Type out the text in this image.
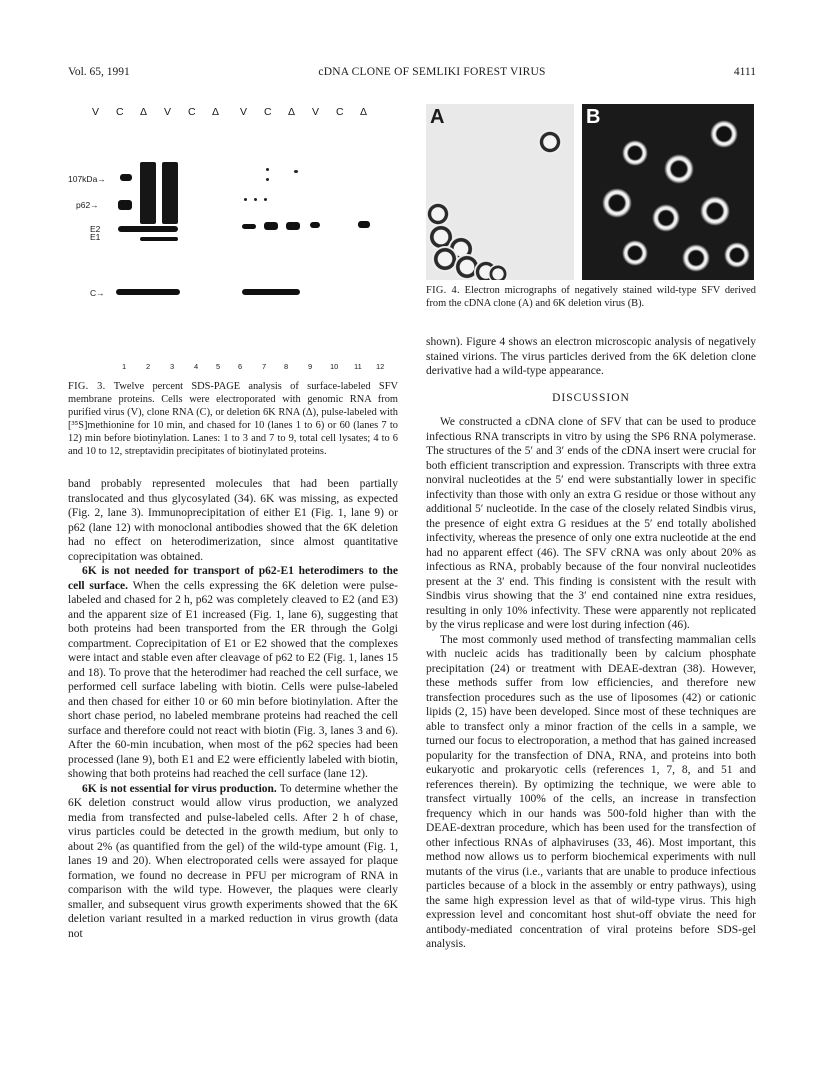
Vol. 65, 1991	cDNA CLONE OF SEMLIKI FOREST VIRUS	4111
V C Δ V C Δ V C Δ V C Δ
107kDa→
p62→
E2
E1
C→
1	2	3	4 5 6	7 8	9 10 11 12
FIG. 3. Twelve percent SDS-PAGE analysis of surface-labeled SFV membrane proteins. Cells were electroporated with genomic RNA from purified virus (V), clone RNA (C), or deletion 6K RNA (Δ), pulse-labeled with [³⁵S]methionine for 10 min, and chased for 10 (lanes 1 to 6) or 60 (lanes 7 to 12) min before biotinylation. Lanes: 1 to 3 and 7 to 9, total cell lysates; 4 to 6 and 10 to 12, streptavidin precipitates of biotinylated proteins.
A	B
FIG. 4. Electron micrographs of negatively stained wild-type SFV derived from the cDNA clone (A) and 6K deletion virus (B).

band probably represented molecules that had been partially translocated and thus glycosylated (34). 6K was missing, as expected (Fig. 2, lane 3). Immunoprecipitation of either E1 (Fig. 1, lane 9) or p62 (lane 12) with monoclonal antibodies showed that the 6K deletion had no effect on heterodimerization, since almost quantitative coprecipitation was obtained.

6K is not needed for transport of p62-E1 heterodimers to the cell surface. When the cells expressing the 6K deletion were pulse-labeled and chased for 2 h, p62 was completely cleaved to E2 (and E3) and the apparent size of E1 increased (Fig. 1, lane 6), suggesting that both proteins had been transported from the ER through the Golgi compartment. Coprecipitation of E1 or E2 showed that the complexes were intact and stable even after cleavage of p62 to E2 (Fig. 1, lanes 15 and 18). To prove that the heterodimer had reached the cell surface, we performed cell surface labeling with biotin. Cells were pulse-labeled and then chased for either 10 or 60 min before biotinylation. After the short chase period, no labeled membrane proteins had reached the cell surface and therefore could not react with biotin (Fig. 3, lanes 3 and 6). After the 60-min incubation, when most of the p62 species had been processed (lane 9), both E1 and E2 were efficiently labeled with biotin, showing that both proteins had reached the cell surface (lane 12).

6K is not essential for virus production. To determine whether the 6K deletion construct would allow virus production, we analyzed media from transfected and pulse-labeled cells. After 2 h of chase, virus particles could be detected in the growth medium, but only to about 2% (as quantified from the gel) of the wild-type amount (Fig. 1, lanes 19 and 20). When electroporated cells were assayed for plaque formation, we found no decrease in PFU per microgram of RNA in comparison with the wild type. However, the plaques were clearly smaller, and subsequent virus growth experiments showed that the 6K deletion variant resulted in a marked reduction in virus growth (data not

shown). Figure 4 shows an electron microscopic analysis of negatively stained virions. The virus particles derived from the 6K deletion clone derivative had a wild-type appearance.

DISCUSSION

We constructed a cDNA clone of SFV that can be used to produce infectious RNA transcripts in vitro by using the SP6 RNA polymerase. The structures of the 5′ and 3′ ends of the cDNA insert were crucial for both efficient transcription and expression. Transcripts with three extra nonviral nucleotides at the 5′ end were substantially lower in specific infectivity than those with only an extra G residue or those without any additional 5′ nucleotide. In the case of the closely related Sindbis virus, the presence of eight extra G residues at the 5′ end totally abolished infectivity, whereas the presence of only one extra nucleotide at the end had no apparent effect (46). The SFV cRNA was only about 20% as infectious as RNA, probably because of the four nonviral nucleotides present at the 3′ end. This finding is consistent with the result with Sindbis virus showing that the 3′ end contained nine extra residues, resulting in only 10% infectivity. These were apparently not replicated by the virus replicase and were lost during infection (46).

The most commonly used method of transfecting mammalian cells with nucleic acids has traditionally been by calcium phosphate precipitation (24) or treatment with DEAE-dextran (38). However, these methods suffer from low efficiencies, and therefore new transfection procedures such as the use of liposomes (42) or cationic lipids (2, 15) have been developed. Since most of these techniques are able to transfect only a minor fraction of the cells in a sample, we turned our focus to electroporation, a method that has gained increased popularity for the transfection of DNA, RNA, and proteins into both eukaryotic and prokaryotic cells (references 1, 7, 8, and 51 and references therein). By optimizing the technique, we were able to transfect virtually 100% of the cells, an increase in transfection frequency which in our hands was 500-fold higher than with the DEAE-dextran procedure, which has been used for the transfection of other infectious RNAs of alphaviruses (33, 46). Most important, this method now allows us to perform biochemical experiments with null mutants of the virus (i.e., variants that are unable to produce infectious particles because of a block in the assembly or entry pathways), using the same high expression level as that of wild-type virus. This high expression level and concomitant host shut-off obviate the need for antibody-mediated concentration of viral proteins before SDS-gel analysis.
